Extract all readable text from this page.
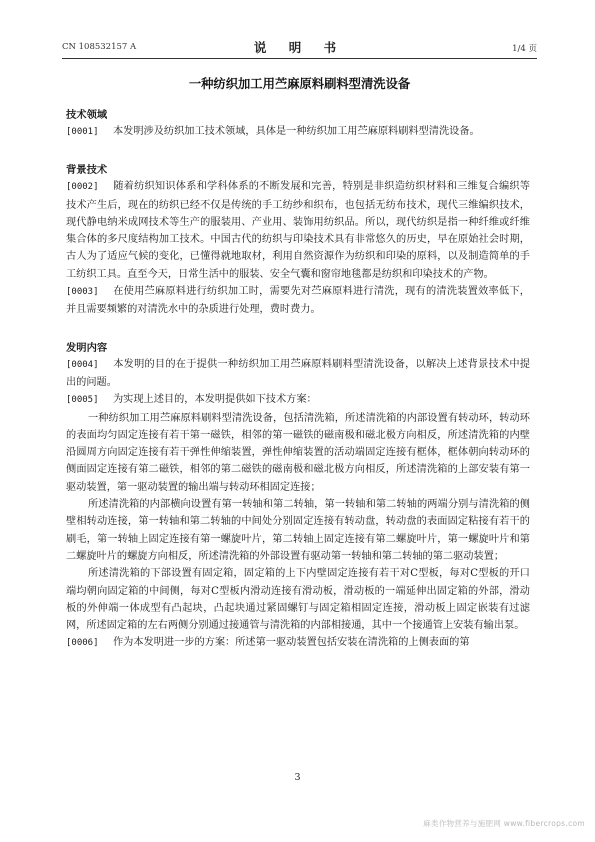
CN 108532157 A	说 明 书	1/4 页
一种纺织加工用苎麻原料刷料型清洗设备

技术领域

[0001] 本发明涉及纺织加工技术领域，具体是一种纺织加工用苎麻原料刷料型清洗设备。

背景技术

[0002] 随着纺织知识体系和学科体系的不断发展和完善，特别是非织造纺织材料和三维复合编织等技术产生后，现在的纺织已经不仅是传统的手工纺纱和织布，也包括无纺布技术，现代三维编织技术，现代静电纳米成网技术等生产的服装用、产业用、装饰用纺织品。所以，现代纺织是指一种纤维或纤维集合体的多尺度结构加工技术。中国古代的纺织与印染技术具有非常悠久的历史，早在原始社会时期，古人为了适应气候的变化，已懂得就地取材，利用自然资源作为纺织和印染的原料，以及制造简单的手工纺织工具。直至今天，日常生活中的服装、安全气囊和窗帘地毯都是纺织和印染技术的产物。

[0003] 在使用苎麻原料进行纺织加工时，需要先对苎麻原料进行清洗，现有的清洗装置效率低下，并且需要频繁的对清洗水中的杂质进行处理，费时费力。

发明内容

[0004] 本发明的目的在于提供一种纺织加工用苎麻原料刷料型清洗设备，以解决上述背景技术中提出的问题。

[0005] 为实现上述目的，本发明提供如下技术方案：

一种纺织加工用苎麻原料刷料型清洗设备，包括清洗箱，所述清洗箱的内部设置有转动环，转动环的表面均匀固定连接有若干第一磁铁，相邻的第一磁铁的磁南极和磁北极方向相反，所述清洗箱的内壁沿圆周方向固定连接有若干弹性伸缩装置，弹性伸缩装置的活动端固定连接有框体，框体朝向转动环的侧面固定连接有第二磁铁，相邻的第二磁铁的磁南极和磁北极方向相反，所述清洗箱的上部安装有第一驱动装置，第一驱动装置的输出端与转动环相固定连接；

所述清洗箱的内部横向设置有第一转轴和第二转轴，第一转轴和第二转轴的两端分别与清洗箱的侧壁相转动连接，第一转轴和第二转轴的中间处分别固定连接有转动盘，转动盘的表面固定粘接有若干的刷毛，第一转轴上固定连接有第一螺旋叶片，第二转轴上固定连接有第二螺旋叶片，第一螺旋叶片和第二螺旋叶片的螺旋方向相反，所述清洗箱的外部设置有驱动第一转轴和第二转轴的第二驱动装置；

所述清洗箱的下部设置有固定箱，固定箱的上下内壁固定连接有若干对C型板，每对C型板的开口端均朝向固定箱的中间侧，每对C型板内滑动连接有滑动板，滑动板的一端延伸出固定箱的外部，滑动板的外伸端一体成型有凸起块，凸起块通过紧固螺钉与固定箱相固定连接，滑动板上固定嵌装有过滤网，所述固定箱的左右两侧分别通过接通管与清洗箱的内部相接通，其中一个接通管上安装有输出泵。

[0006] 作为本发明进一步的方案：所述第一驱动装置包括安装在清洗箱的上侧表面的第

3
麻类作物营养与施肥网 www.fibercrops.com
